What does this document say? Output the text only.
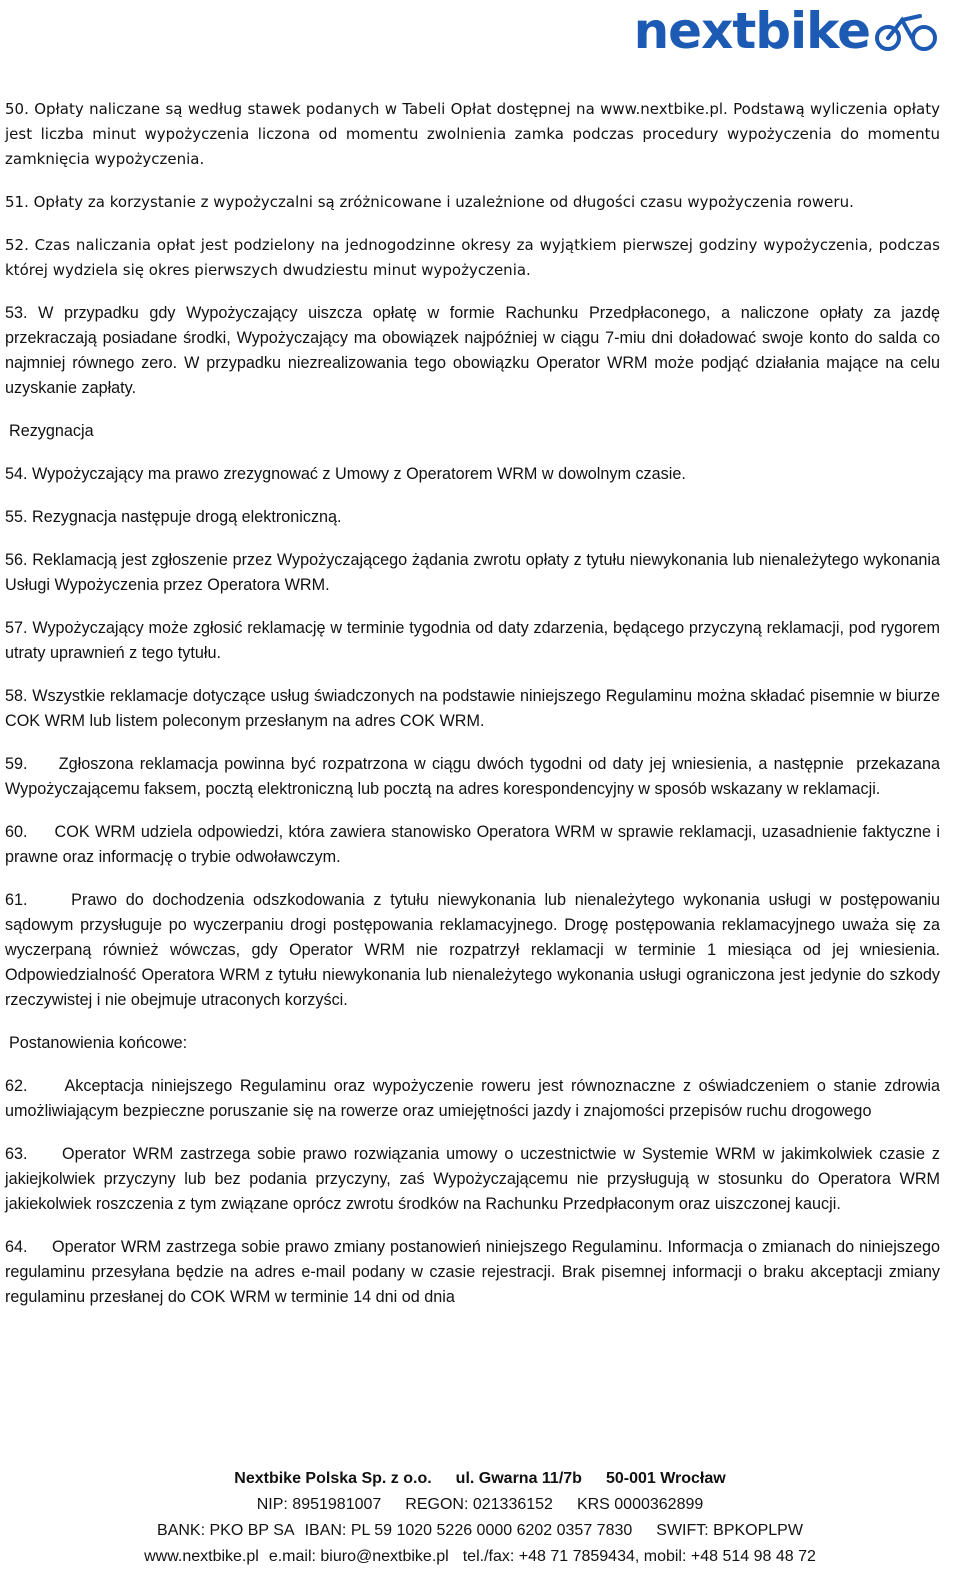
nextbike

50. Opłaty naliczane są według stawek podanych w Tabeli Opłat dostępnej na www.nextbike.pl. Podstawą wyliczenia opłaty jest liczba minut wypożyczenia liczona od momentu zwolnienia zamka podczas procedury wypożyczenia do momentu zamknięcia wypożyczenia.

51. Opłaty za korzystanie z wypożyczalni są zróżnicowane i uzależnione od długości czasu wypożyczenia roweru.

52. Czas naliczania opłat jest podzielony na jednogodzinne okresy za wyjątkiem pierwszej godziny wypożyczenia, podczas której wydziela się okres pierwszych dwudziestu minut wypożyczenia.

53. W przypadku gdy Wypożyczający uiszcza opłatę w formie Rachunku Przedpłaconego, a naliczone opłaty za jazdę przekraczają posiadane środki, Wypożyczający ma obowiązek najpóźniej w ciągu 7-miu dni doładować swoje konto do salda co najmniej równego zero. W przypadku niezrealizowania tego obowiązku Operator WRM może podjąć działania mające na celu uzyskanie zapłaty.

Rezygnacja

54. Wypożyczający ma prawo zrezygnować z Umowy z Operatorem WRM w dowolnym czasie.

55. Rezygnacja następuje drogą elektroniczną.

56. Reklamacją jest zgłoszenie przez Wypożyczającego żądania zwrotu opłaty z tytułu niewykonania lub nienależytego wykonania Usługi Wypożyczenia przez Operatora WRM.

57. Wypożyczający może zgłosić reklamację w terminie tygodnia od daty zdarzenia, będącego przyczyną reklamacji, pod rygorem utraty uprawnień z tego tytułu.

58. Wszystkie reklamacje dotyczące usług świadczonych na podstawie niniejszego Regulaminu można składać pisemnie w biurze COK WRM lub listem poleconym przesłanym na adres COK WRM.

59.     Zgłoszona reklamacja powinna być rozpatrzona w ciągu dwóch tygodni od daty jej wniesienia, a następnie  przekazana Wypożyczającemu faksem, pocztą elektroniczną lub pocztą na adres korespondencyjny w sposób wskazany w reklamacji.

60.     COK WRM udziela odpowiedzi, która zawiera stanowisko Operatora WRM w sprawie reklamacji, uzasadnienie faktyczne i prawne oraz informację o trybie odwoławczym.

61.     Prawo do dochodzenia odszkodowania z tytułu niewykonania lub nienależytego wykonania usługi w postępowaniu sądowym przysługuje po wyczerpaniu drogi postępowania reklamacyjnego. Drogę postępowania reklamacyjnego uważa się za wyczerpaną również wówczas, gdy Operator WRM nie rozpatrzył reklamacji w terminie 1 miesiąca od jej wniesienia. Odpowiedzialność Operatora WRM z tytułu niewykonania lub nienależytego wykonania usługi ograniczona jest jedynie do szkody rzeczywistej i nie obejmuje utraconych korzyści.

Postanowienia końcowe:

62.     Akceptacja niniejszego Regulaminu oraz wypożyczenie roweru jest równoznaczne z oświadczeniem o stanie zdrowia umożliwiającym bezpieczne poruszanie się na rowerze oraz umiejętności jazdy i znajomości przepisów ruchu drogowego

63.     Operator WRM zastrzega sobie prawo rozwiązania umowy o uczestnictwie w Systemie WRM w jakimkolwiek czasie z jakiejkolwiek przyczyny lub bez podania przyczyny, zaś Wypożyczającemu nie przysługują w stosunku do Operatora WRM jakiekolwiek roszczenia z tym związane oprócz zwrotu środków na Rachunku Przedpłaconym oraz uiszczonej kaucji.

64.     Operator WRM zastrzega sobie prawo zmiany postanowień niniejszego Regulaminu. Informacja o zmianach do niniejszego regulaminu przesyłana będzie na adres e-mail podany w czasie rejestracji. Brak pisemnej informacji o braku akceptacji zmiany regulaminu przesłanej do COK WRM w terminie 14 dni od dnia

Nextbike Polska Sp. z o.o. ul. Gwarna 11/7b 50-001 Wrocław
NIP: 8951981007 REGON: 021336152 KRS 0000362899
BANK: PKO BP SA IBAN: PL 59 1020 5226 0000 6202 0357 7830 SWIFT: BPKOPLPW
www.nextbike.pl e.mail: biuro@nextbike.pl tel./fax: +48 71 7859434, mobil: +48 514 98 48 72
